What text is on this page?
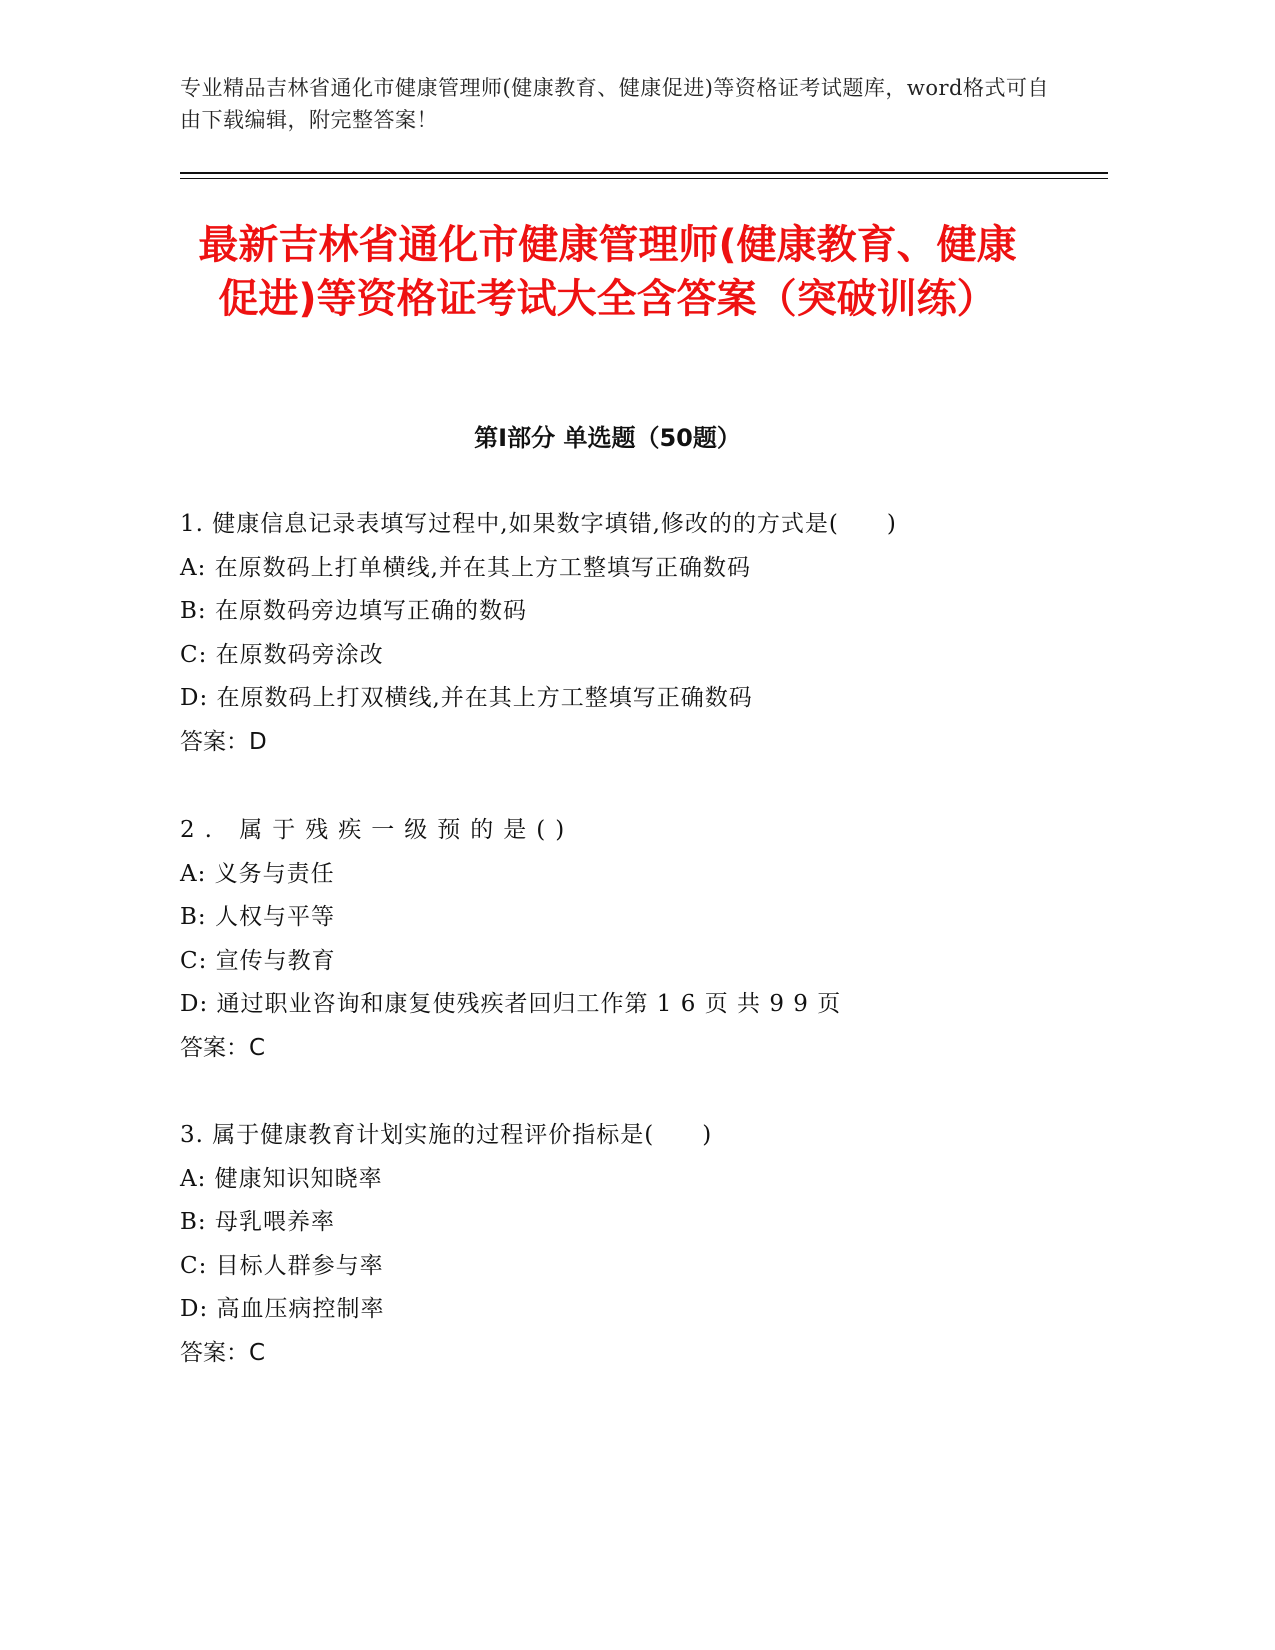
专业精品吉林省通化市健康管理师(健康教育、健康促进)等资格证考试题库，word格式可自由下载编辑，附完整答案！
最新吉林省通化市健康管理师(健康教育、健康促进)等资格证考试大全含答案（突破训练）
第Ⅰ部分 单选题（50题）
1. 健康信息记录表填写过程中,如果数字填错,修改的的方式是(　　)
A: 在原数码上打单横线,并在其上方工整填写正确数码
B: 在原数码旁边填写正确的数码
C: 在原数码旁涂改
D: 在原数码上打双横线,并在其上方工整填写正确数码
答案：D
2. 属于残疾一级预的是()
A: 义务与责任
B: 人权与平等
C: 宣传与教育
D: 通过职业咨询和康复使残疾者回归工作第 1 6 页 共 9 9 页
答案：C
3. 属于健康教育计划实施的过程评价指标是(　　)
A: 健康知识知晓率
B: 母乳喂养率
C: 目标人群参与率
D: 高血压病控制率
答案：C
